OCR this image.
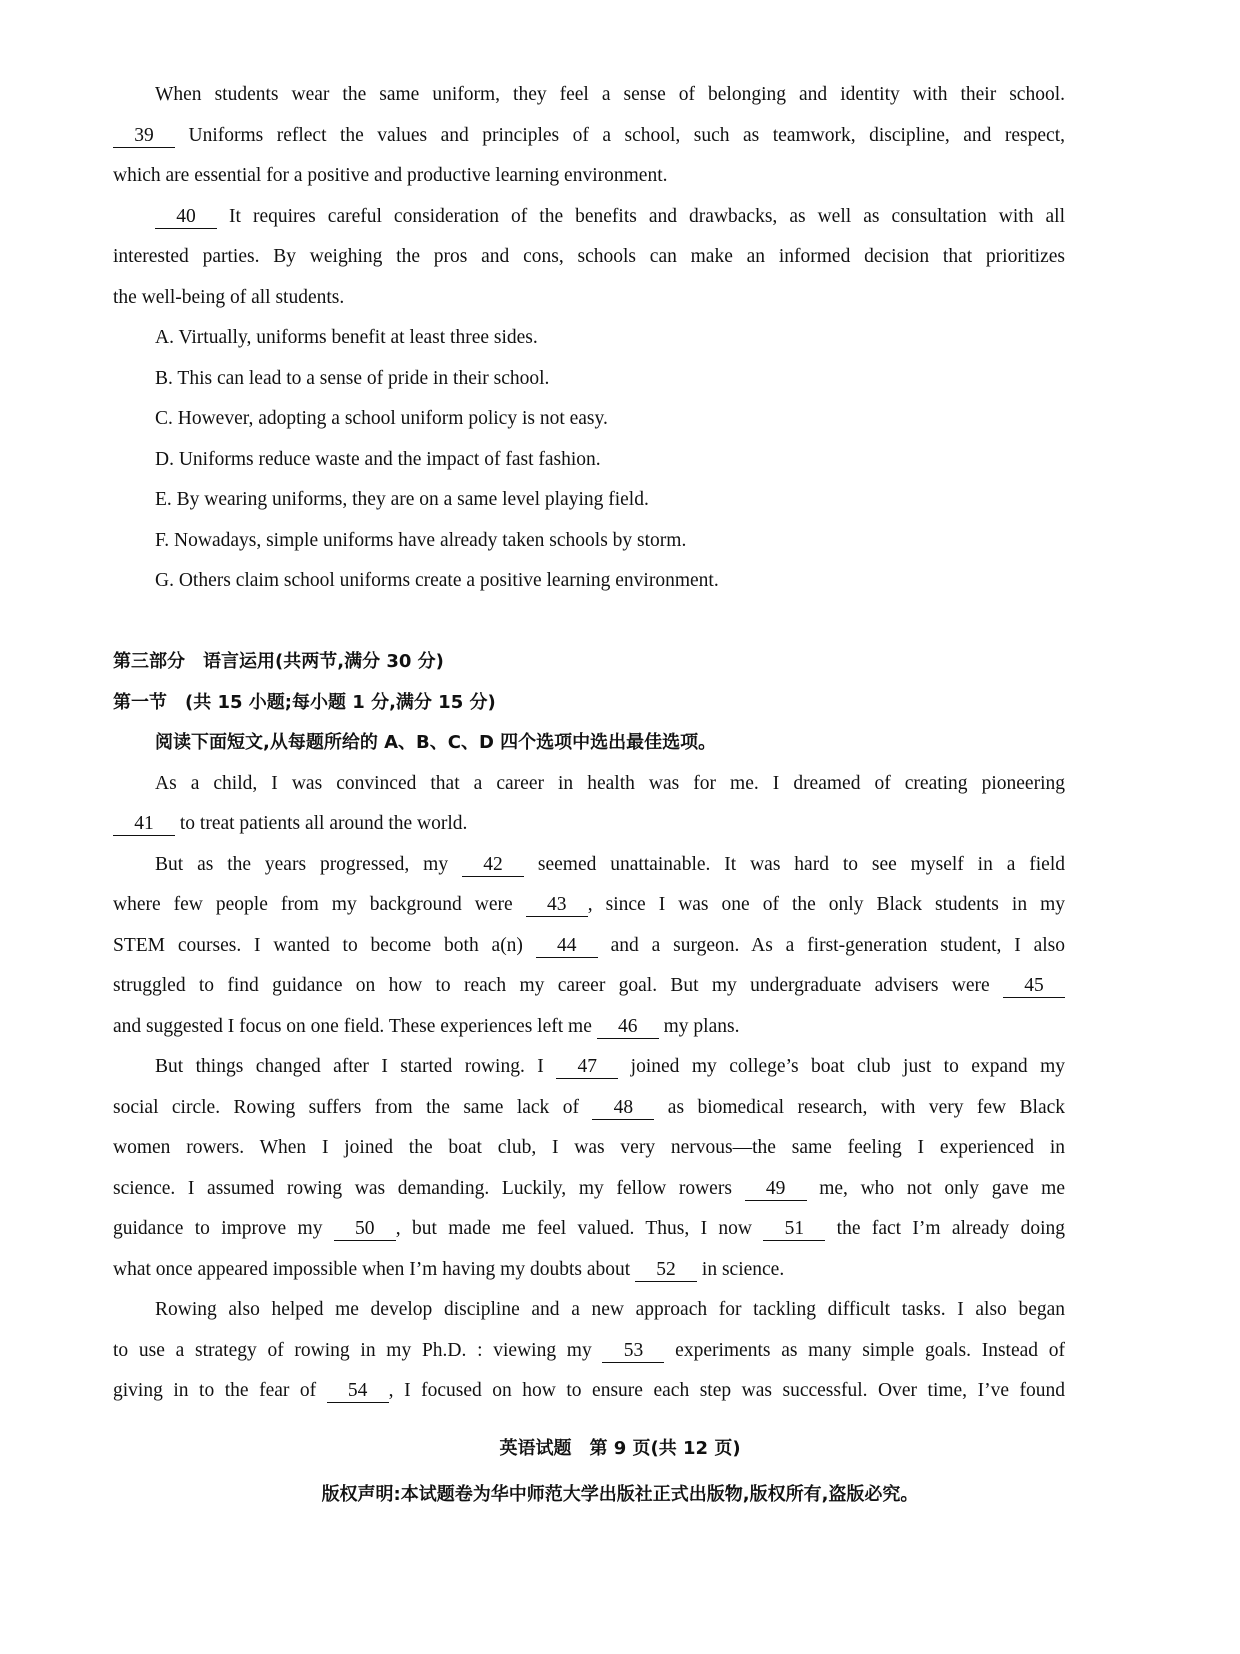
When students wear the same uniform, they feel a sense of belonging and identity with their school.
39 Uniforms reflect the values and principles of a school, such as teamwork, discipline, and respect,
which are essential for a positive and productive learning environment.
40 It requires careful consideration of the benefits and drawbacks, as well as consultation with all
interested parties. By weighing the pros and cons, schools can make an informed decision that prioritizes
the well-being of all students.
A. Virtually, uniforms benefit at least three sides.
B. This can lead to a sense of pride in their school.
C. However, adopting a school uniform policy is not easy.
D. Uniforms reduce waste and the impact of fast fashion.
E. By wearing uniforms, they are on a same level playing field.
F. Nowadays, simple uniforms have already taken schools by storm.
G. Others claim school uniforms create a positive learning environment.
第三部分　语言运用(共两节,满分 30 分)
第一节　(共 15 小题;每小题 1 分,满分 15 分)
阅读下面短文,从每题所给的 A、B、C、D 四个选项中选出最佳选项。
As a child, I was convinced that a career in health was for me. I dreamed of creating pioneering
41 to treat patients all around the world.
But as the years progressed, my 42 seemed unattainable. It was hard to see myself in a field
where few people from my background were 43 , since I was one of the only Black students in my
STEM courses. I wanted to become both a(n) 44 and a surgeon. As a first-generation student, I also
struggled to find guidance on how to reach my career goal. But my undergraduate advisers were 45
and suggested I focus on one field. These experiences left me 46 my plans.
But things changed after I started rowing. I 47 joined my college’s boat club just to expand my
social circle. Rowing suffers from the same lack of 48 as biomedical research, with very few Black
women rowers. When I joined the boat club, I was very nervous—the same feeling I experienced in
science. I assumed rowing was demanding. Luckily, my fellow rowers 49 me, who not only gave me
guidance to improve my 50 , but made me feel valued. Thus, I now 51 the fact I’m already doing
what once appeared impossible when I’m having my doubts about 52 in science.
Rowing also helped me develop discipline and a new approach for tackling difficult tasks. I also began
to use a strategy of rowing in my Ph.D. : viewing my 53 experiments as many simple goals. Instead of
giving in to the fear of 54 , I focused on how to ensure each step was successful. Over time, I’ve found
英语试题　第 9 页(共 12 页)
版权声明:本试题卷为华中师范大学出版社正式出版物,版权所有,盗版必究。
